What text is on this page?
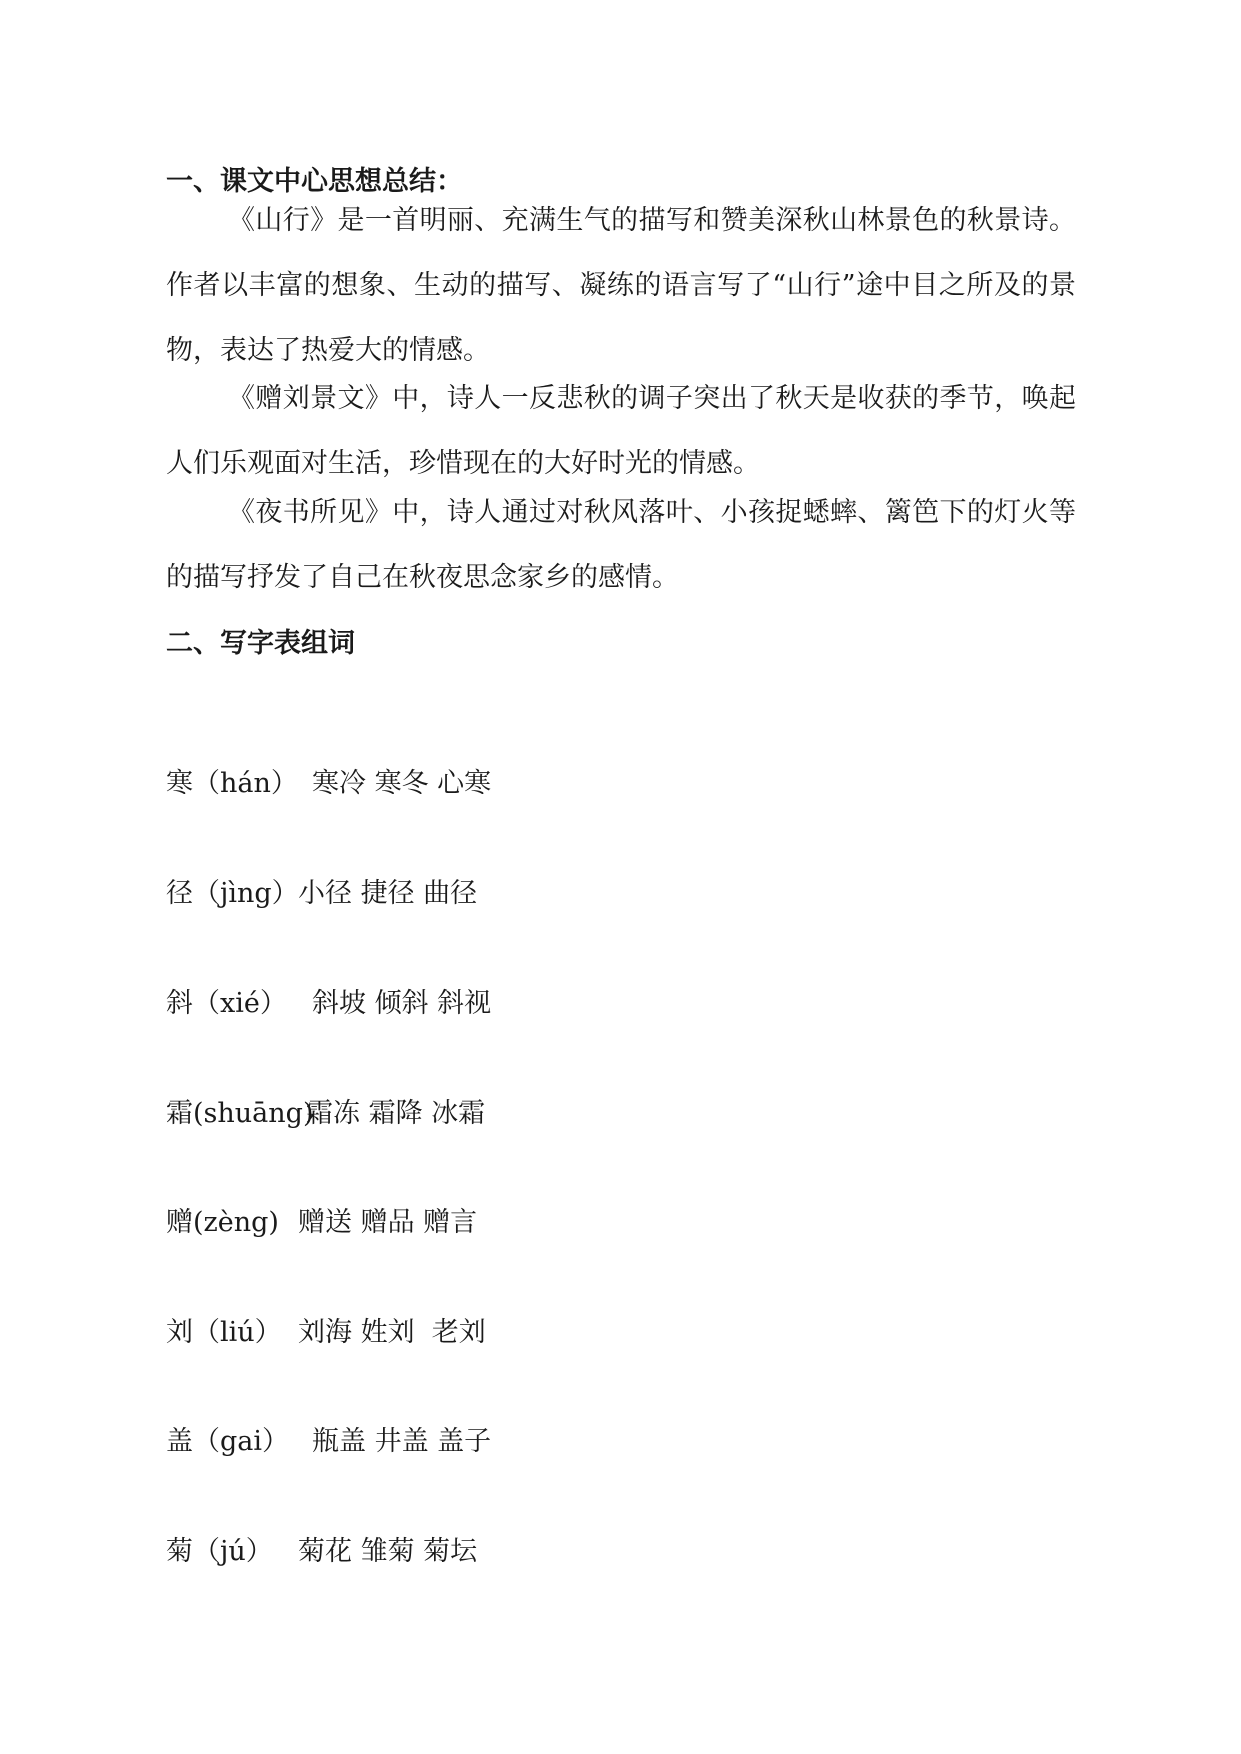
一、课文中心思想总结：

《山行》是一首明丽、充满生气的描写和赞美深秋山林景色的秋景诗。作者以丰富的想象、生动的描写、凝练的语言写了“山行”途中目之所及的景物，表达了热爱大的情感。

《赠刘景文》中，诗人一反悲秋的调子突出了秋天是收获的季节，唤起人们乐观面对生活，珍惜现在的大好时光的情感。

《夜书所见》中，诗人通过对秋风落叶、小孩捉蟋蟀、篱笆下的灯火等的描写抒发了自己在秋夜思念家乡的感情。

二、写字表组词
寒（hán） 寒冷 寒冬 心寒
径（jìng）小径 捷径 曲径
斜（xié） 斜坡 倾斜 斜视
霜(shuāng)霜冻 霜降 冰霜
赠(zèng) 赠送 赠品 赠言
刘（liú） 刘海 姓刘  老刘
盖（gai） 瓶盖 井盖 盖子
菊（jú） 菊花 雏菊 菊坛
